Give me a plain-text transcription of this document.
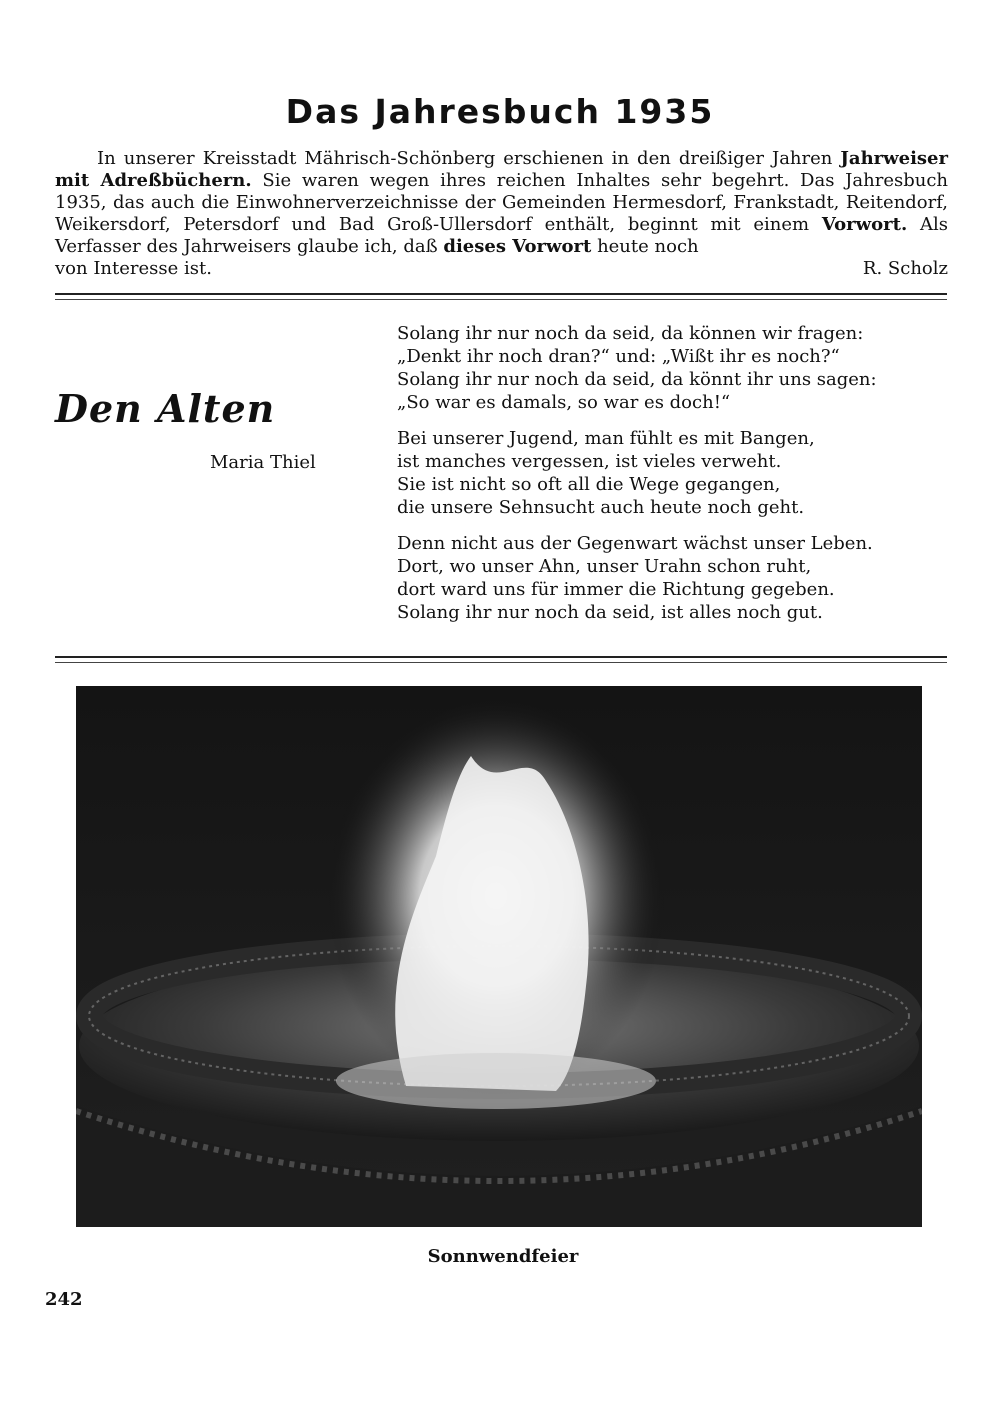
Das Jahresbuch 1935
In unserer Kreisstadt Mährisch-Schönberg erschienen in den dreißiger Jahren Jahrweiser mit Adreßbüchern. Sie waren wegen ihres reichen Inhaltes sehr begehrt. Das Jahresbuch 1935, das auch die Einwohnerverzeichnisse der Gemeinden Hermesdorf, Frankstadt, Reitendorf, Weikersdorf, Petersdorf und Bad Groß-Ullersdorf enthält, beginnt mit einem Vorwort. Als Verfasser des Jahrweisers glaube ich, daß dieses Vorwort heute noch
von Interesse ist.	R. Scholz
Den Alten
Maria Thiel
Solang ihr nur noch da seid, da können wir fragen:
„Denkt ihr noch dran?“ und: „Wißt ihr es noch?“
Solang ihr nur noch da seid, da könnt ihr uns sagen:
„So war es damals, so war es doch!“
Bei unserer Jugend, man fühlt es mit Bangen,
ist manches vergessen, ist vieles verweht.
Sie ist nicht so oft all die Wege gegangen,
die unsere Sehnsucht auch heute noch geht.
Denn nicht aus der Gegenwart wächst unser Leben.
Dort, wo unser Ahn, unser Urahn schon ruht,
dort ward uns für immer die Richtung gegeben.
Solang ihr nur noch da seid, ist alles noch gut.
Sonnwendfeier
242
